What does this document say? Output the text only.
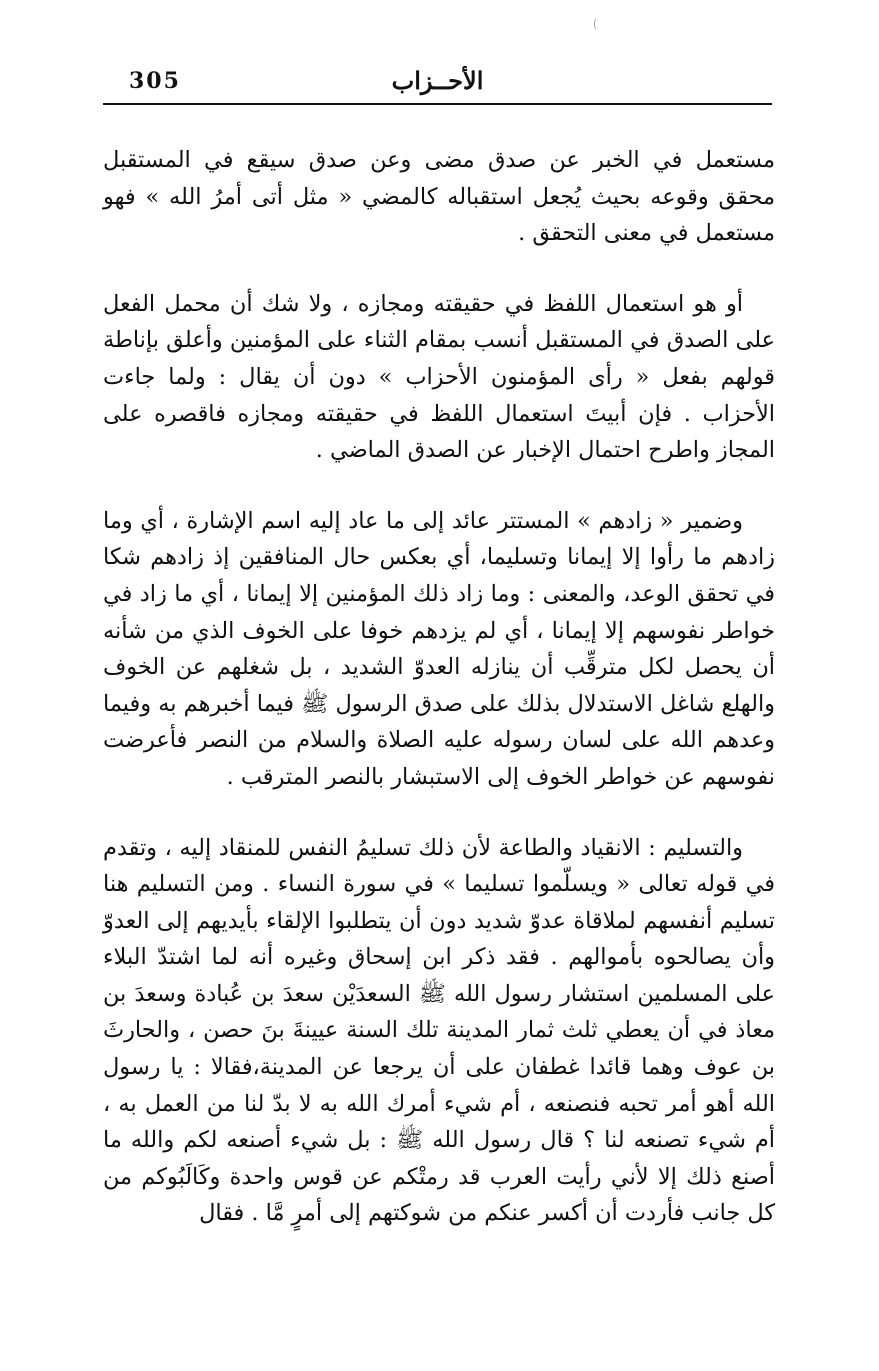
305	الأحــزاب

مستعمل في الخبر عن صدق مضى وعن صدق سيقع في المستقبل محقق وقوعه بحيث يُجعل استقباله كالمضي « مثل أتى أمرُ الله » فهو مستعمل في معنى التحقق .

أو هو استعمال اللفظ في حقيقته ومجازه ، ولا شك أن محمل الفعل على الصدق في المستقبل أنسب بمقام الثناء على المؤمنين وأعلق بإناطة قولهم بفعل « رأى المؤمنون الأحزاب » دون أن يقال : ولما جاءت الأحزاب . فإن أبيتَ استعمال اللفظ في حقيقته ومجازه فاقصره على المجاز واطرح احتمال الإخبار عن الصدق الماضي .

وضمير « زادهم » المستتر عائد إلى ما عاد إليه اسم الإشارة ، أي وما زادهم ما رأوا إلا إيمانا وتسليما، أي بعكس حال المنافقين إذ زادهم شكا في تحقق الوعد، والمعنى : وما زاد ذلك المؤمنين إلا إيمانا ، أي ما زاد في خواطر نفوسهم إلا إيمانا ، أي لم يزدهم خوفا على الخوف الذي من شأنه أن يحصل لكل مترقِّب أن ينازله العدوّ الشديد ، بل شغلهم عن الخوف والهلع شاغل الاستدلال بذلك على صدق الرسول ﷺ فيما أخبرهم به وفيما وعدهم الله على لسان رسوله عليه الصلاة والسلام من النصر فأعرضت نفوسهم عن خواطر الخوف إلى الاستبشار بالنصر المترقب .

والتسليم : الانقياد والطاعة لأن ذلك تسليمُ النفس للمنقاد إليه ، وتقدم في قوله تعالى « ويسلّموا تسليما » في سورة النساء . ومن التسليم هنا تسليم أنفسهم لملاقاة عدوّ شديد دون أن يتطلبوا الإلقاء بأيديهم إلى العدوّ وأن يصالحوه بأموالهم . فقد ذكر ابن إسحاق وغيره أنه لما اشتدّ البلاء على المسلمين استشار رسول الله ﷺ السعدَيْن سعدَ بن عُبادة وسعدَ بن معاذ في أن يعطي ثلث ثمار المدينة تلك السنة عيينةَ بنَ حصن ، والحارثَ بن عوف وهما قائدا غطفان على أن يرجعا عن المدينة،فقالا : يا رسول الله أهو أمر تحبه فنصنعه ، أم شيء أمرك الله به لا بدّ لنا من العمل به ، أم شيء تصنعه لنا ؟ قال رسول الله ﷺ : بل شيء أصنعه لكم والله ما أصنع ذلك إلا لأني رأيت العرب قد رمتْكم عن قوس واحدة وكَالَبُوكم من كل جانب فأردت أن أكسر عنكم من شوكتهم إلى أمرٍ مَّا . فقال
